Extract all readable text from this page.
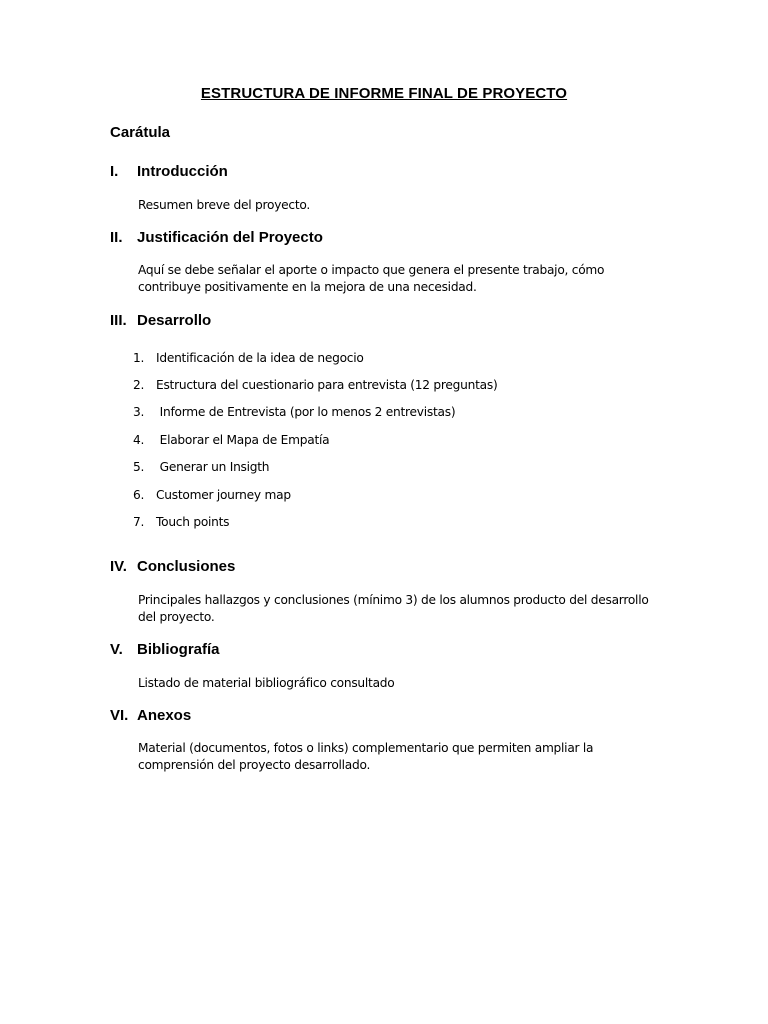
ESTRUCTURA DE INFORME FINAL DE PROYECTO
Carátula
I. Introducción
Resumen breve del proyecto.
II. Justificación del Proyecto
Aquí se debe señalar el aporte o impacto que genera el presente trabajo, cómo
contribuye positivamente en la mejora de una necesidad.
III. Desarrollo
1. Identificación de la idea de negocio
2. Estructura del cuestionario para entrevista (12 preguntas)
3. Informe de Entrevista (por lo menos 2 entrevistas)
4. Elaborar el Mapa de Empatía
5. Generar un Insigth
6. Customer journey map
7. Touch points
IV. Conclusiones
Principales hallazgos y conclusiones (mínimo 3) de los alumnos producto del desarrollo
del proyecto.
V. Bibliografía
Listado de material bibliográfico consultado
VI. Anexos
Material (documentos, fotos o links) complementario que permiten ampliar la
comprensión del proyecto desarrollado.
